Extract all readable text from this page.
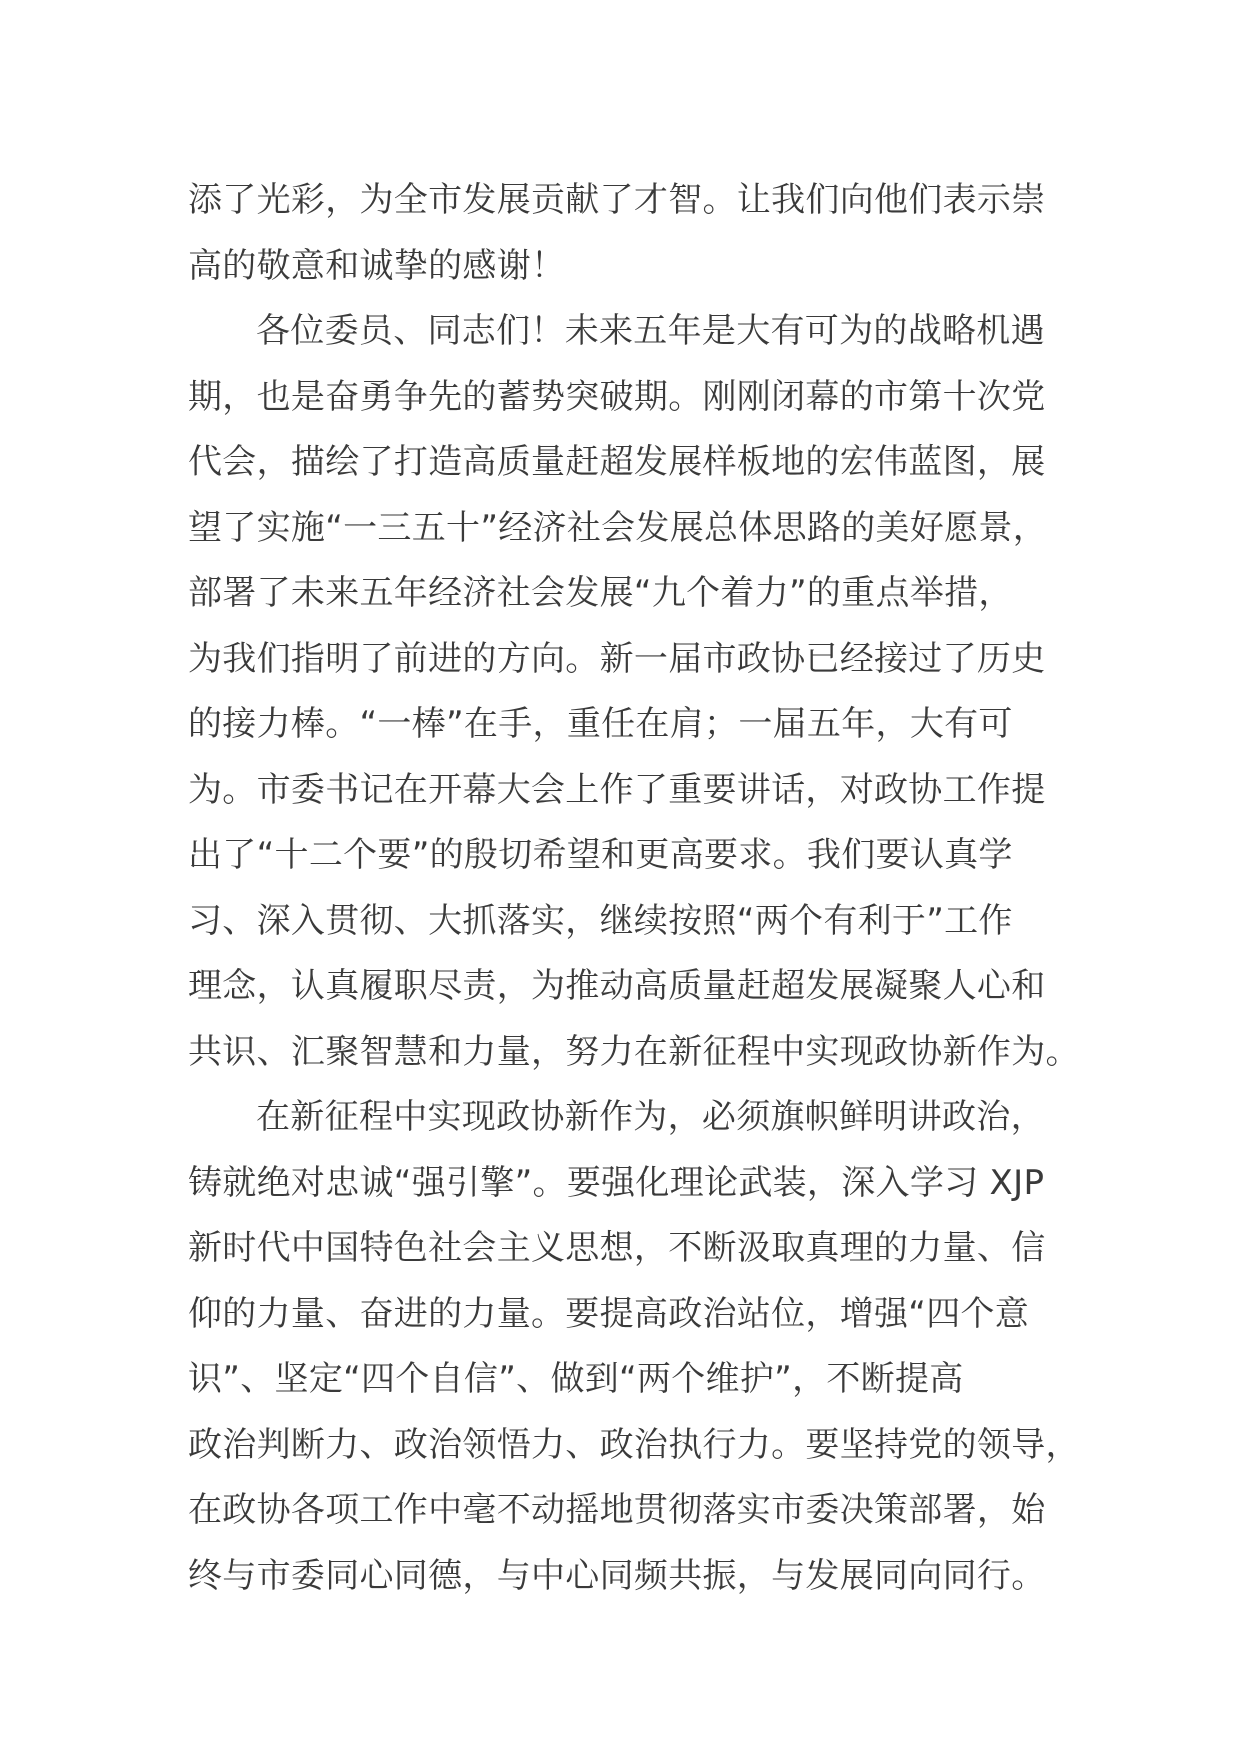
添了光彩，为全市发展贡献了才智。让我们向他们表示崇
高的敬意和诚挚的感谢！
各位委员、同志们！未来五年是大有可为的战略机遇
期，也是奋勇争先的蓄势突破期。刚刚闭幕的市第十次党
代会，描绘了打造高质量赶超发展样板地的宏伟蓝图，展
望了实施“一三五十”经济社会发展总体思路的美好愿景，
部署了未来五年经济社会发展“九个着力”的重点举措，
为我们指明了前进的方向。新一届市政协已经接过了历史
的接力棒。“一棒”在手，重任在肩；一届五年，大有可
为。市委书记在开幕大会上作了重要讲话，对政协工作提
出了“十二个要”的殷切希望和更高要求。我们要认真学
习、深入贯彻、大抓落实，继续按照“两个有利于”工作
理念，认真履职尽责，为推动高质量赶超发展凝聚人心和
共识、汇聚智慧和力量，努力在新征程中实现政协新作为。
在新征程中实现政协新作为，必须旗帜鲜明讲政治，
铸就绝对忠诚“强引擎”。要强化理论武装，深入学习 XJP
新时代中国特色社会主义思想，不断汲取真理的力量、信
仰的力量、奋进的力量。要提高政治站位，增强“四个意
识”、坚定“四个自信”、做到“两个维护”，不断提高
政治判断力、政治领悟力、政治执行力。要坚持党的领导，
在政协各项工作中毫不动摇地贯彻落实市委决策部署，始
终与市委同心同德，与中心同频共振，与发展同向同行。
